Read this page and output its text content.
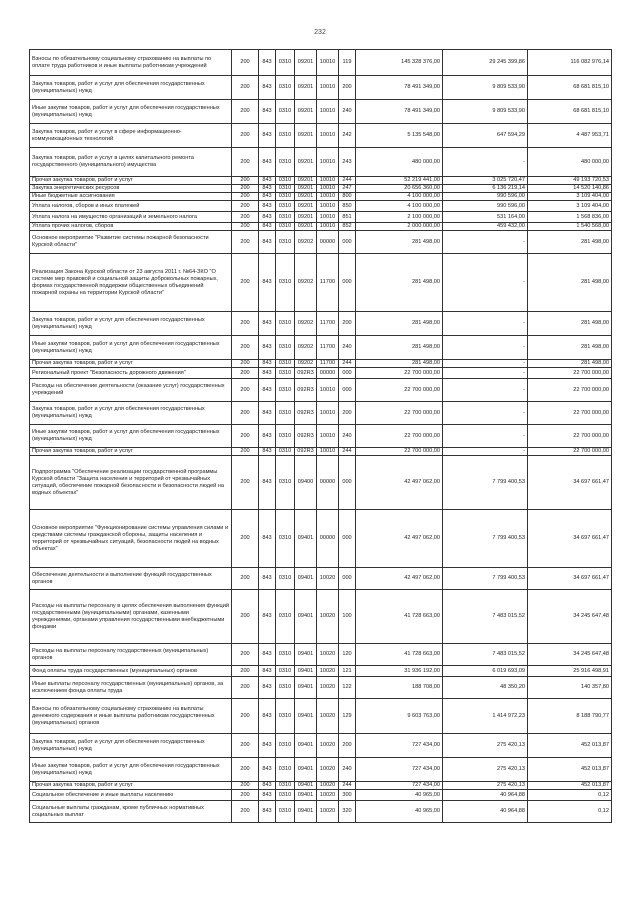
232
Взносы по обязательному социальному страхованию на выплаты по оплате труда работников и иные выплаты работникам учреждений	200	843	0310	09201	10010	119	145 328 376,00	29 245 399,86	116 082 976,14
Закупка товаров, работ и услуг для обеспечения государственных (муниципальных) нужд	200	843	0310	09201	10010	200	78 491 349,00	9 809 533,90	68 681 815,10
Иные закупки товаров, работ и услуг для обеспечения государственных (муниципальных) нужд	200	843	0310	09201	10010	240	78 491 349,00	9 809 533,90	68 681 815,10
Закупка товаров, работ и услуг в сфере информационно-коммуникационных технологий	200	843	0310	09201	10010	242	5 135 548,00	647 594,29	4 487 953,71
Закупка товаров, работ и услуг в целях капитального ремонта государственного (муниципального) имущества	200	843	0310	09201	10010	243	480 000,00	-	480 000,00
Прочая закупка товаров, работ и услуг	200	843	0310	09201	10010	244	52 219 441,00	3 025 720,47	49 193 720,53
Закупка энергетических ресурсов	200	843	0310	09201	10010	247	20 656 360,00	6 136 219,14	14 520 140,86
Иные бюджетные ассигнования	200	843	0310	09201	10010	800	4 100 000,00	990 596,00	3 109 404,00
Уплата налогов, сборов и иных платежей	200	843	0310	09201	10010	850	4 100 000,00	990 596,00	3 109 404,00
Уплата налога на имущество организаций и земельного налога	200	843	0310	09201	10010	851	2 100 000,00	531 164,00	1 568 836,00
Уплата прочих налогов, сборов	200	843	0310	09201	10010	852	2 000 000,00	459 432,00	1 540 568,00
Основное мероприятие "Развитие системы пожарной безопасности Курской области"	200	843	0310	09202	00000	000	281 498,00	-	281 498,00
Реализация Закона Курской области от 23 августа 2011 г. №64-ЗКО "О системе мер правовой и социальной защиты добровольных пожарных, формах государственной поддержки общественных объединений пожарной охраны на территории Курской области"	200	843	0310	09202	11700	000	281 498,00	-	281 498,00
Закупка товаров, работ и услуг для обеспечения государственных (муниципальных) нужд	200	843	0310	09202	11700	200	281 498,00	-	281 498,00
Иные закупки товаров, работ и услуг для обеспечения государственных (муниципальных) нужд	200	843	0310	09202	11700	240	281 498,00	-	281 498,00
Прочая закупка товаров, работ и услуг	200	843	0310	09202	11700	244	281 498,00	-	281 498,00
Региональный проект "Безопасность дорожного движения"	200	843	0310	092R3	00000	000	22 700 000,00	-	22 700 000,00
Расходы на обеспечение деятельности (оказание услуг) государственных учреждений	200	843	0310	092R3	10010	000	22 700 000,00	-	22 700 000,00
Закупка товаров, работ и услуг для обеспечения государственных (муниципальных) нужд	200	843	0310	092R3	10010	200	22 700 000,00	-	22 700 000,00
Иные закупки товаров, работ и услуг для обеспечения государственных (муниципальных) нужд	200	843	0310	092R3	10010	240	22 700 000,00	-	22 700 000,00
Прочая закупка товаров, работ и услуг	200	843	0310	092R3	10010	244	22 700 000,00	-	22 700 000,00
Подпрограмма "Обеспечение реализации государственной программы Курской области "Защита населения и территорий от чрезвычайных ситуаций, обеспечение пожарной безопасности и безопасности людей на водных объектах"	200	843	0310	09400	00000	000	42 497 062,00	7 799 400,53	34 697 661,47
Основное мероприятие "Функционирование системы управления силами и средствами системы гражданской обороны, защиты населения и территорий от чрезвычайных ситуаций, безопасности людей на водных объектах"	200	843	0310	09401	00000	000	42 497 062,00	7 799 400,53	34 697 661,47
Обеспечение деятельности и выполнение функций государственных органов	200	843	0310	09401	10020	000	42 497 062,00	7 799 400,53	34 697 661,47
Расходы на выплаты персоналу в целях обеспечения выполнения функций государственными (муниципальными) органами, казенными учреждениями, органами управления государственными внебюджетными фондами	200	843	0310	09401	10020	100	41 728 663,00	7 483 015,52	34 245 647,48
Расходы на выплаты персоналу государственных (муниципальных) органов	200	843	0310	09401	10020	120	41 728 663,00	7 483 015,52	34 245 647,48
Фонд оплаты труда государственных (муниципальных) органов	200	843	0310	09401	10020	121	31 936 192,00	6 019 693,09	25 916 498,91
Иные выплаты персоналу государственных (муниципальных) органов, за исключением фонда оплаты труда	200	843	0310	09401	10020	122	188 708,00	48 350,20	140 357,80
Взносы по обязательному социальному страхованию на выплаты денежного содержания и иные выплаты работникам государственных (муниципальных) органов	200	843	0310	09401	10020	129	9 603 763,00	1 414 972,23	8 188 790,77
Закупка товаров, работ и услуг для обеспечения государственных (муниципальных) нужд	200	843	0310	09401	10020	200	727 434,00	275 420,13	452 013,87
Иные закупки товаров, работ и услуг для обеспечения государственных (муниципальных) нужд	200	843	0310	09401	10020	240	727 434,00	275 420,13	452 013,87
Прочая закупка товаров, работ и услуг	200	843	0310	09401	10020	244	727 434,00	275 420,13	452 013,87
Социальное обеспечение и иные выплаты населению	200	843	0310	09401	10020	300	40 965,00	40 964,88	0,12
Социальные выплаты гражданам, кроме публичных нормативных социальных выплат	200	843	0310	09401	10020	320	40 965,00	40 964,88	0,12
